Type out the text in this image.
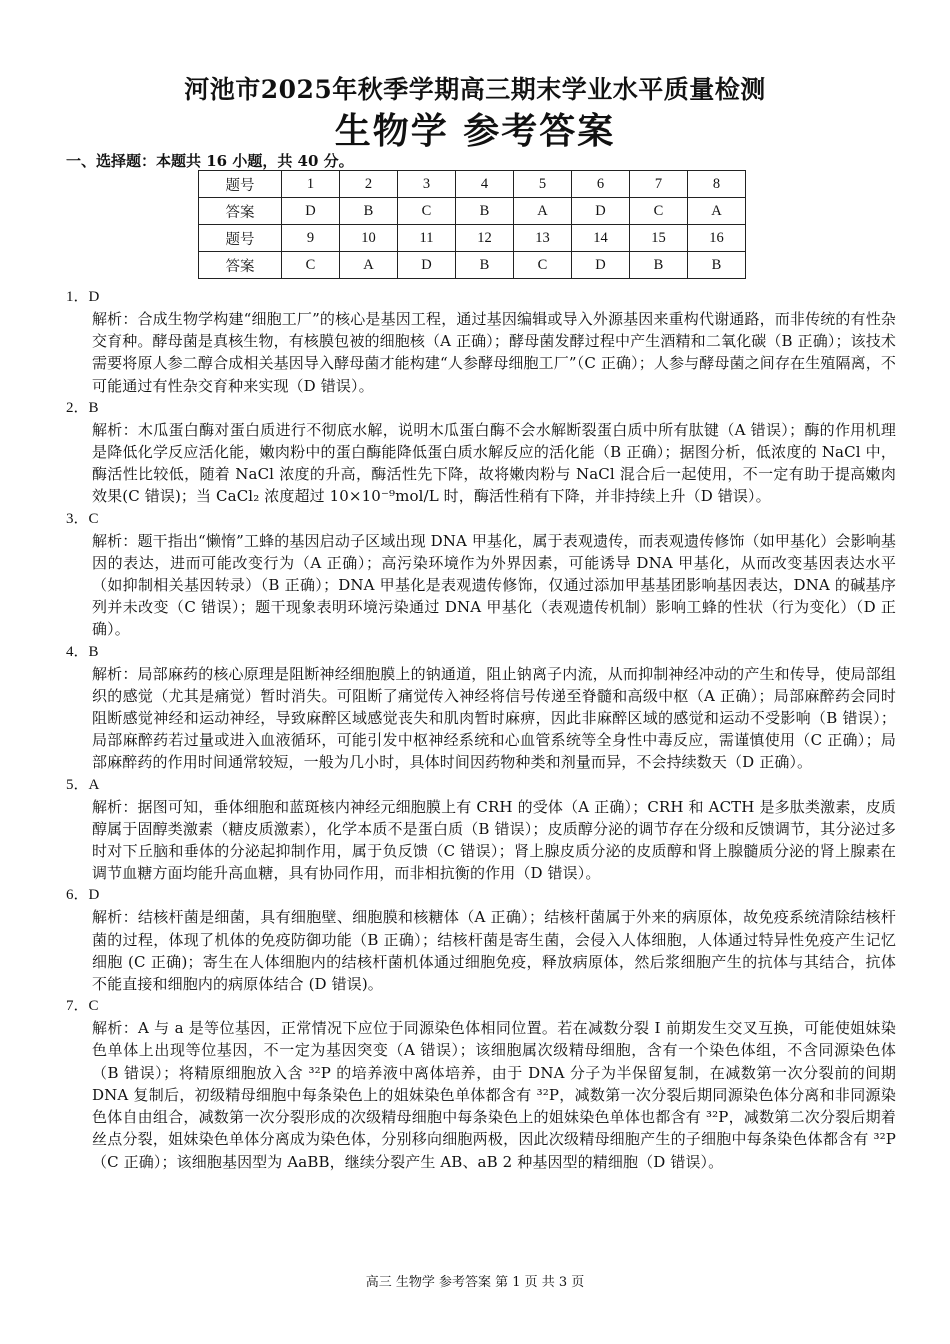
河池市2025年秋季学期高三期末学业水平质量检测
生物学 参考答案
一、选择题：本题共 16 小题，共 40 分。
题号	1	2	3	4	5	6	7	8
答案	D	B	C	B	A	D	C	A
题号	9	10	11	12	13	14	15	16
答案	C	A	D	B	C	D	B	B
1．D
解析：合成生物学构建“细胞工厂”的核心是基因工程，通过基因编辑或导入外源基因来重构代谢通路，而非传统的有性杂交育种。酵母菌是真核生物，有核膜包被的细胞核（A 正确）；酵母菌发酵过程中产生酒精和二氧化碳（B 正确）；该技术需要将原人参二醇合成相关基因导入酵母菌才能构建“人参酵母细胞工厂”（C 正确）；人参与酵母菌之间存在生殖隔离，不可能通过有性杂交育种来实现（D 错误）。
2．B
解析：木瓜蛋白酶对蛋白质进行不彻底水解，说明木瓜蛋白酶不会水解断裂蛋白质中所有肽键（A 错误）；酶的作用机理是降低化学反应活化能，嫩肉粉中的蛋白酶能降低蛋白质水解反应的活化能（B 正确）；据图分析，低浓度的 NaCl 中，酶活性比较低，随着 NaCl 浓度的升高，酶活性先下降，故将嫩肉粉与 NaCl 混合后一起使用，不一定有助于提高嫩肉效果(C 错误)；当 CaCl₂ 浓度超过 10×10⁻⁹mol/L 时，酶活性稍有下降，并非持续上升（D 错误）。
3．C
解析：题干指出“懒惰”工蜂的基因启动子区域出现 DNA 甲基化，属于表观遗传，而表观遗传修饰（如甲基化）会影响基因的表达，进而可能改变行为（A 正确）；高污染环境作为外界因素，可能诱导 DNA 甲基化，从而改变基因表达水平（如抑制相关基因转录）（B 正确）；DNA 甲基化是表观遗传修饰，仅通过添加甲基基团影响基因表达，DNA 的碱基序列并未改变（C 错误）；题干现象表明环境污染通过 DNA 甲基化（表观遗传机制）影响工蜂的性状（行为变化）（D 正确）。
4．B
解析：局部麻药的核心原理是阻断神经细胞膜上的钠通道，阻止钠离子内流，从而抑制神经冲动的产生和传导，使局部组织的感觉（尤其是痛觉）暂时消失。可阻断了痛觉传入神经将信号传递至脊髓和高级中枢（A 正确）；局部麻醉药会同时阻断感觉神经和运动神经，导致麻醉区域感觉丧失和肌肉暂时麻痹，因此非麻醉区域的感觉和运动不受影响（B 错误）；局部麻醉药若过量或进入血液循环，可能引发中枢神经系统和心血管系统等全身性中毒反应，需谨慎使用（C 正确）；局部麻醉药的作用时间通常较短，一般为几小时，具体时间因药物种类和剂量而异，不会持续数天（D 正确）。
5．A
解析：据图可知，垂体细胞和蓝斑核内神经元细胞膜上有 CRH 的受体（A 正确）；CRH 和 ACTH 是多肽类激素，皮质醇属于固醇类激素（糖皮质激素），化学本质不是蛋白质（B 错误）；皮质醇分泌的调节存在分级和反馈调节，其分泌过多时对下丘脑和垂体的分泌起抑制作用，属于负反馈（C 错误）；肾上腺皮质分泌的皮质醇和肾上腺髓质分泌的肾上腺素在调节血糖方面均能升高血糖，具有协同作用，而非相抗衡的作用（D 错误）。
6．D
解析：结核杆菌是细菌，具有细胞壁、细胞膜和核糖体（A 正确）；结核杆菌属于外来的病原体，故免疫系统清除结核杆菌的过程，体现了机体的免疫防御功能（B 正确）；结核杆菌是寄生菌，会侵入人体细胞，人体通过特异性免疫产生记忆细胞 (C 正确)；寄生在人体细胞内的结核杆菌机体通过细胞免疫，释放病原体，然后浆细胞产生的抗体与其结合，抗体不能直接和细胞内的病原体结合 (D 错误)。
7．C
解析：A 与 a 是等位基因，正常情况下应位于同源染色体相同位置。若在减数分裂 Ⅰ 前期发生交叉互换，可能使姐妹染色单体上出现等位基因，不一定为基因突变（A 错误）；该细胞属次级精母细胞，含有一个染色体组，不含同源染色体（B 错误）；将精原细胞放入含 ³²P 的培养液中离体培养，由于 DNA 分子为半保留复制，在减数第一次分裂前的间期 DNA 复制后，初级精母细胞中每条染色上的姐妹染色单体都含有 ³²P，减数第一次分裂后期同源染色体分离和非同源染色体自由组合，减数第一次分裂形成的次级精母细胞中每条染色上的姐妹染色单体也都含有 ³²P，减数第二次分裂后期着丝点分裂，姐妹染色单体分离成为染色体，分别移向细胞两极，因此次级精母细胞产生的子细胞中每条染色体都含有 ³²P（C 正确）；该细胞基因型为 AaBB，继续分裂产生 AB、aB 2 种基因型的精细胞（D 错误）。
高三 生物学 参考答案 第 1 页 共 3 页
